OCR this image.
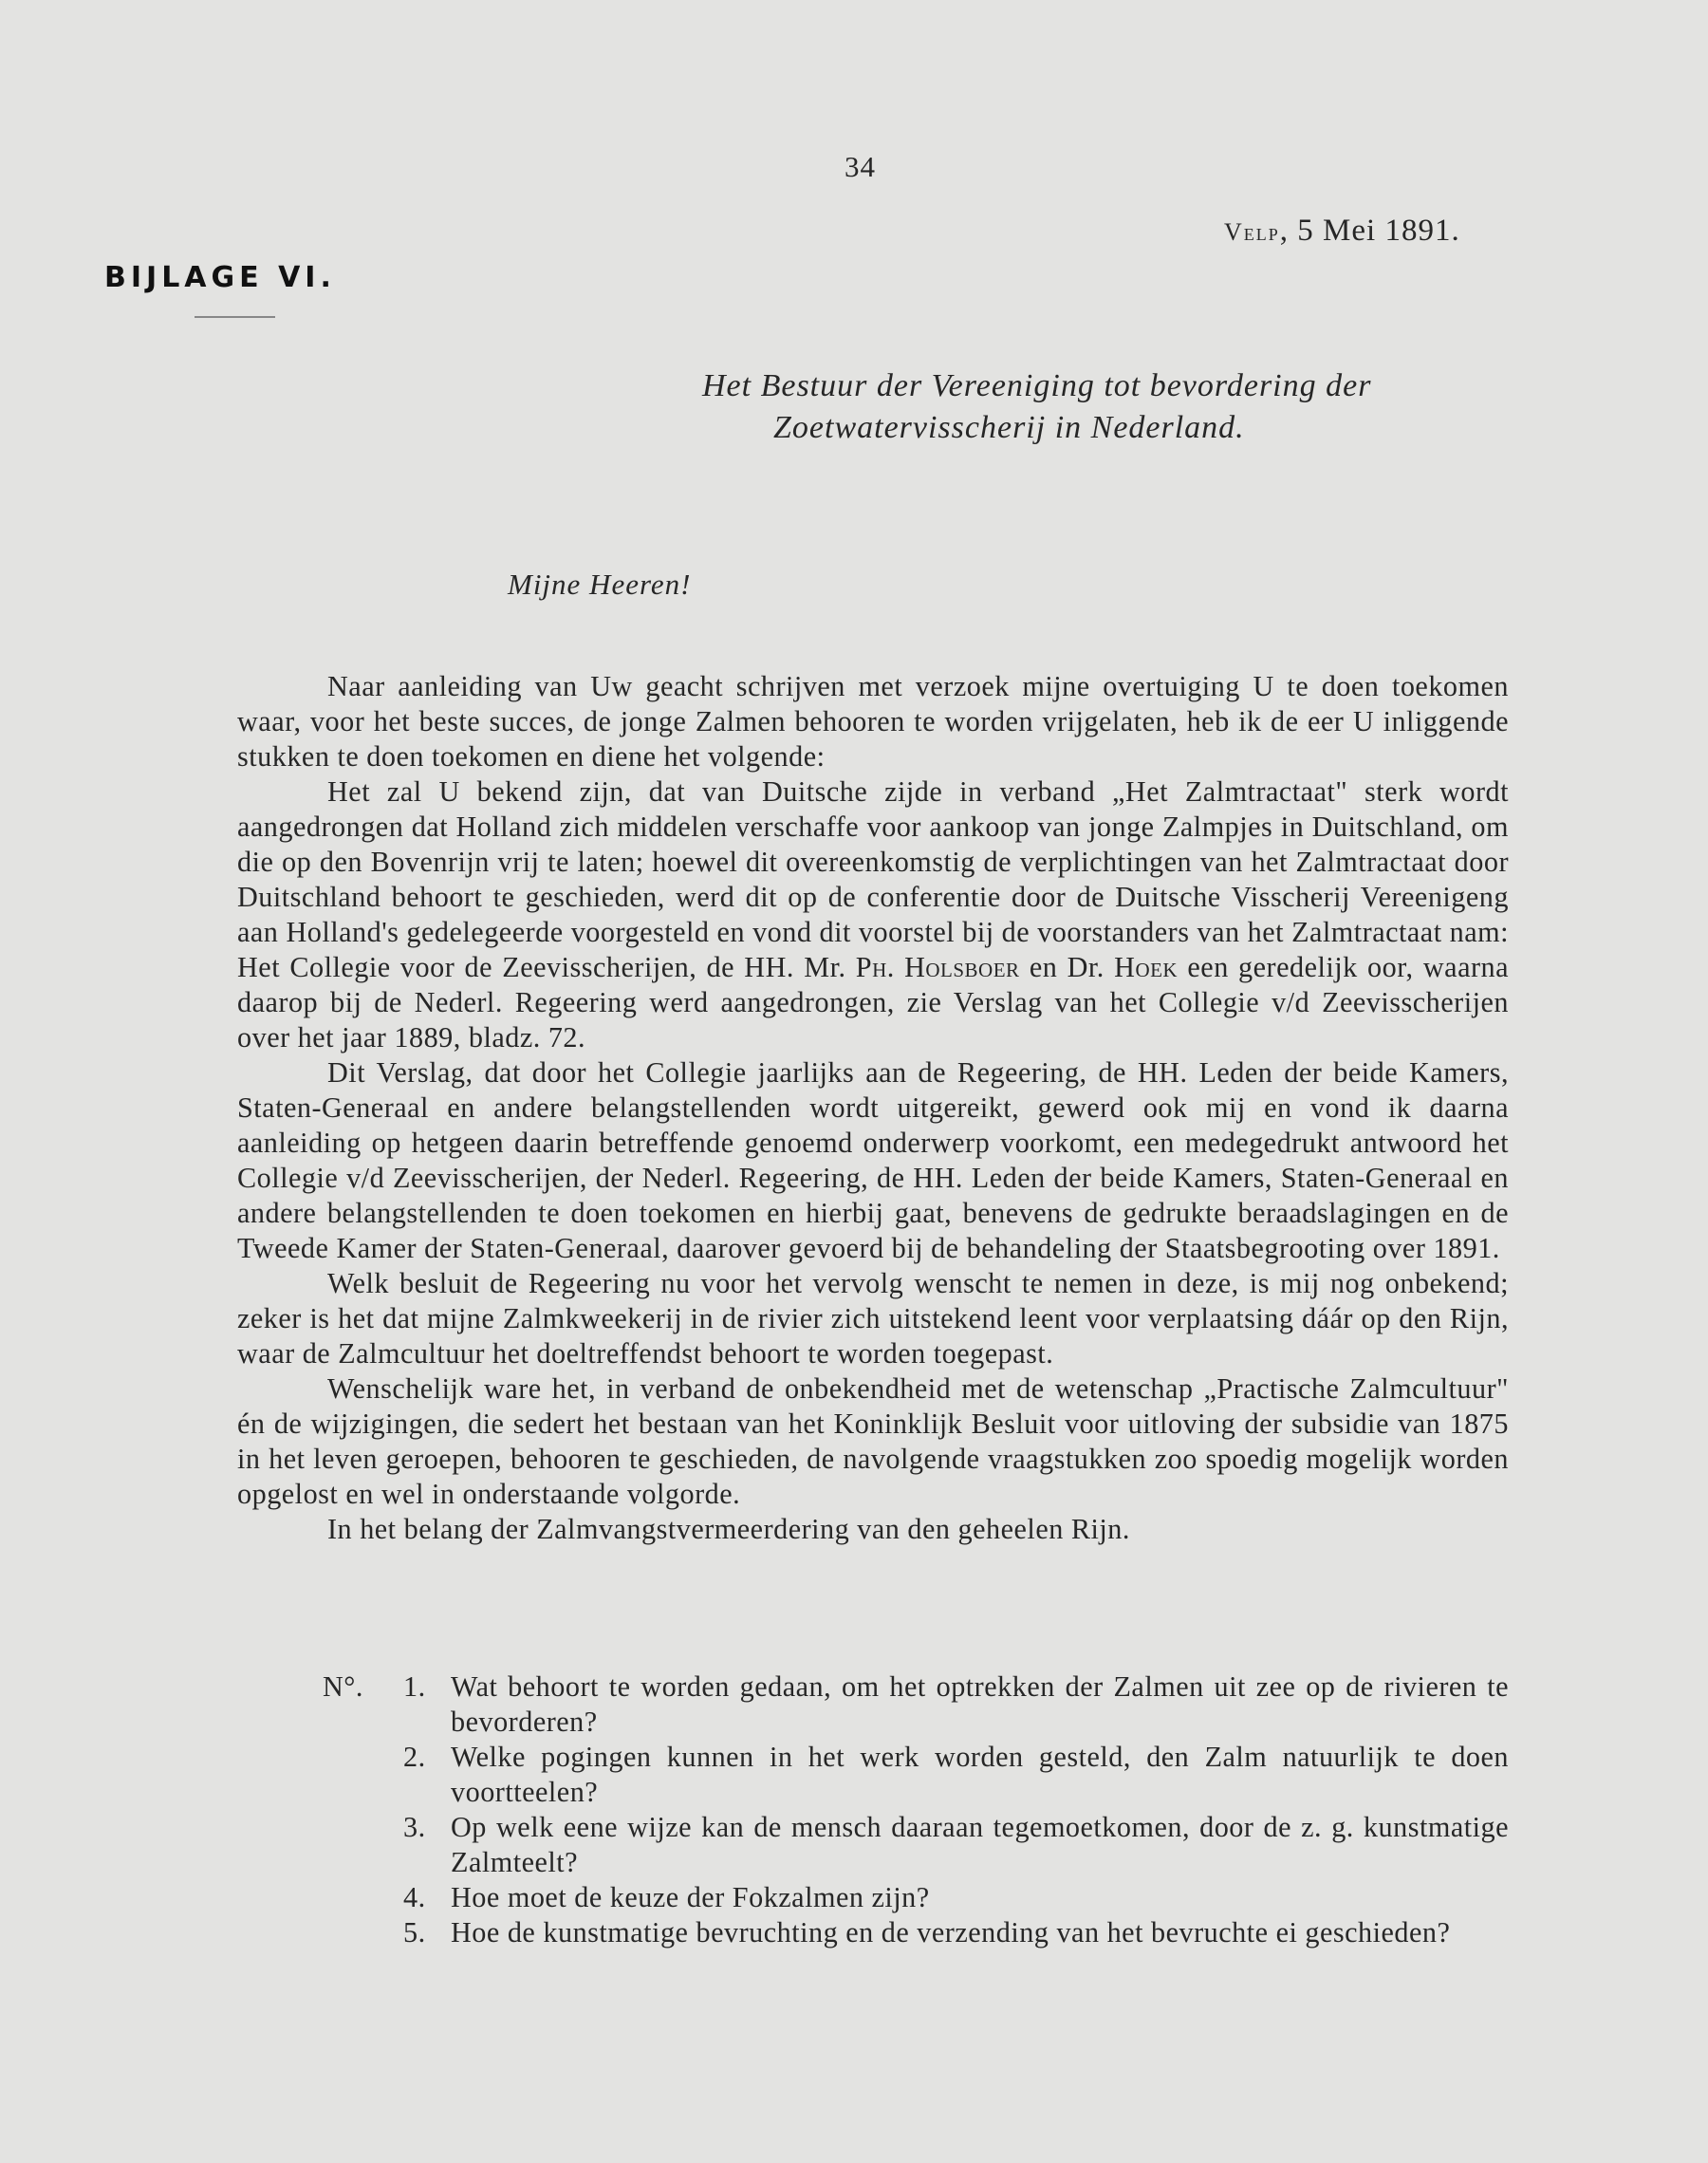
34
Velp, 5 Mei 1891.
BIJLAGE VI.
Het Bestuur der Vereeniging tot bevordering der
Zoetwatervisscherij in Nederland.
Mijne Heeren!

Naar aanleiding van Uw geacht schrijven met verzoek mijne overtuiging U te doen toekomen waar, voor het beste succes, de jonge Zalmen behooren te worden vrijgelaten, heb ik de eer U inliggende stukken te doen toekomen en diene het volgende:

Het zal U bekend zijn, dat van Duitsche zijde in verband „Het Zalmtractaat" sterk wordt aangedrongen dat Holland zich middelen verschaffe voor aankoop van jonge Zalmpjes in Duitschland, om die op den Bovenrijn vrij te laten; hoewel dit overeenkomstig de verplichtingen van het Zalmtractaat door Duitschland behoort te geschieden, werd dit op de conferentie door de Duitsche Visscherij Vereenigeng aan Holland's gedelegeerde voorgesteld en vond dit voorstel bij de voorstanders van het Zalmtractaat nam: Het Collegie voor de Zeevisscherijen, de HH. Mr. Ph. Holsboer en Dr. Hoek een geredelijk oor, waarna daarop bij de Nederl. Regeering werd aangedrongen, zie Verslag van het Collegie v/d Zeevisscherijen over het jaar 1889, bladz. 72.

Dit Verslag, dat door het Collegie jaarlijks aan de Regeering, de HH. Leden der beide Kamers, Staten-Generaal en andere belangstellenden wordt uitgereikt, gewerd ook mij en vond ik daarna aanleiding op hetgeen daarin betreffende genoemd onderwerp voorkomt, een medegedrukt antwoord het Collegie v/d Zeevisscherijen, der Nederl. Regeering, de HH. Leden der beide Kamers, Staten-Generaal en andere belangstellenden te doen toekomen en hierbij gaat, benevens de gedrukte beraadslagingen en de Tweede Kamer der Staten-Generaal, daarover gevoerd bij de behandeling der Staatsbegrooting over 1891.

Welk besluit de Regeering nu voor het vervolg wenscht te nemen in deze, is mij nog onbekend; zeker is het dat mijne Zalmkweekerij in de rivier zich uitstekend leent voor verplaatsing dáár op den Rijn, waar de Zalmcultuur het doeltreffendst behoort te worden toegepast.

Wenschelijk ware het, in verband de onbekendheid met de wetenschap „Practische Zalmcultuur" én de wijzigingen, die sedert het bestaan van het Koninklijk Besluit voor uitloving der subsidie van 1875 in het leven geroepen, behooren te geschieden, de navolgende vraagstukken zoo spoedig mogelijk worden opgelost en wel in onderstaande volgorde.

In het belang der Zalmvangstvermeerdering van den geheelen Rijn.

N°.	1. Wat behoort te worden gedaan, om het optrekken der Zalmen uit zee op de rivieren te bevorderen?
2. Welke pogingen kunnen in het werk worden gesteld, den Zalm natuurlijk te doen voortteelen?
3. Op welk eene wijze kan de mensch daaraan tegemoetkomen, door de z. g. kunstmatige Zalmteelt?
4. Hoe moet de keuze der Fokzalmen zijn?
5. Hoe de kunstmatige bevruchting en de verzending van het bevruchte ei geschieden?
